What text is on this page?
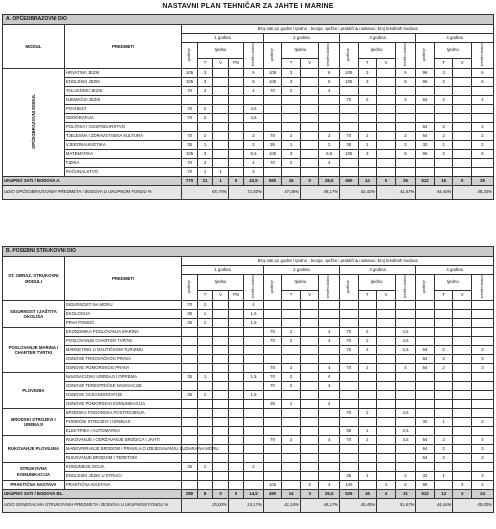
NASTAVNI PLAN TEHNIČAR ZA JAHTE I MARINE
A. OPĆEOBRAZOVNI DIO																		
MODUL	PREDMETI	Broj sati po godini i tjedno - teorija, vježbe i praktična nastava i broj kreditnih bodova																
		1 godina					2 godina				3 godina				4 godina			
		godišnje	tjedno			kreditni bodovi	godišnje	tjedno		kreditni bodovi	godišnje	tjedno		kreditni bodovi	godišnje	tjedno		kreditni bodovi
			T	V	PN			T	V			T	V			T	V	
OPĆEOBRAZOVNI MODUL	HRVATSKI JEZIK	105	3			6	105	3		6	105	3		6	96	3		6
	ENGLESKI JEZIK	105	3			6	105	3		6	105	3		6	96	3		6
	TALIJANSKI JEZIK	70	2			4	70	2		4								
	NJEMAČKI JEZIK										70	2		4	64	2		4
	POVIJEST	70	2			4,5												
	GEOGRAFIJA	70	2			4,5												
	POLITIKA I GOSPODARSTVO														64	2		4
	TJELESNA I ZDRAVSTVENA KULTURA	70	2			2	70	2		2	70	2		2	64	2		2
	VJERONAUK/ETIKA	35	1			2	35	1		2	35	1		2	32	1		2
	MATEMATIKA	105	3			5,5	105	3		5,5	105	3		5	96	3		5
	FIZIKA	70	2			4	70	2		4								
	RAČUNALSTVO	70	1	1		4												
UKUPNO SATI / BODOVA A.		770	21	1	0	43,5	560	16	0	28,5	490	14	0	25	512	16	0	29
UDIO OPĆEOBRAZOVNIH PREDMETA / BODOVA U UKUPNOM FONDU %		65,75%			72,50%		47,06%		49,17%		42,42%		41,67%		44,44%		48,33%	
B. POSEBNI STRUKOVNI DIO																		
ST. OBRAZ. STRUKOVNI MODULI	PREDMETI	Broj sati po godini i tjedno - teorija, vježbe i praktična nastava i broj kreditnih bodova																
		1 godina					2 godina				3 godina				4 godina			
		godišnje	tjedno			kreditni bodovi	godišnje	tjedno		kreditni bodovi	godišnje	tjedno		kreditni bodovi	godišnje	tjedno		kreditni bodovi
			T	V	PN			T	V			T	V			T	V	
SIGURNOST I ZAŠTITA OKOLIŠA	SIGURNOST NA MORU	70	2			4												
	EKOLOGIJA	35	1			1,5												
	PRVA POMOĆ	35	1			1,5												
POSLOVANJE MARINA I CHARTER TVRTKI	EKONOMIKA POSLOVANJA MARINA						70	2		4	70	2		4,5				
	POSLOVANJE CHARTER TVRTKI						70	2		4	70	2		4,5				
	MARKETING U NAUTIČKOM TURIZMU										70	2		2,5	64	2		3
	OSNOVE TRGOVAČKOG PRAVA														64	2		3
	OSNOVE POMORSKOG PRAVA						70	2		4	70	2		4	64	2		3
PLOVIDBA	NAVIGACIJSKI UREĐAJI I OPREMA	35	1			1,5	70	2		4								
	OSNOVE TERESTRIČKE NAVIGACIJE						70	2		4								
	OSNOVE OCEANOGRAFIJE	35	1			1,5												
	OSNOVE POMORSKIH KOMUNIKACIJA						35	1		2								
BRODSKI STROJEVI I UREĐAJI	BRODSKA POGONSKA POSTROJENJA										70	2		4,5				
	POMOĆNI STROJEVI I UREĐAJI														32	1		2
	ELEKTRIKA I AUTOMATIKA										35	1		2,5				
RUKOVANJE PLOVILIMA	RUKOVANJE I ODRŽAVANJE BRODICA I JAHTI						70	2		4	70	2		4,5	64	2		4
	MANEVRIRANJE BRODOM I PRAVILA O IZBJEGAVANJU SUDARA NA MORU														64	2		3
	RUKOVANJE BRODOM I TERETOM														64	2		3
STRUKOVNA KOMUNIKACIJA	KOMUNIKOLOGIJA	35	1			2												
	ENGLESKI JEZIK U STRUCI										35	1		2	32	1		2
PRAKTIČNA NASTAVA	PRAKTIČNA NASTAVA						105		3	4	140		4	6	96		3	4
UKUPNO SATI / BODOVA B1.		280	8	0	0	14,5	490	14	3	26,5	525	16	4	31	512	12	3	24
UDIO GENERALNIH STRUKOVNIH PREDMETA / BODOVA U UKUPNOM FONDU %		25,00%			24,17%		41,18%		44,17%		45,45%		51,67%		44,44%		40,00%	
